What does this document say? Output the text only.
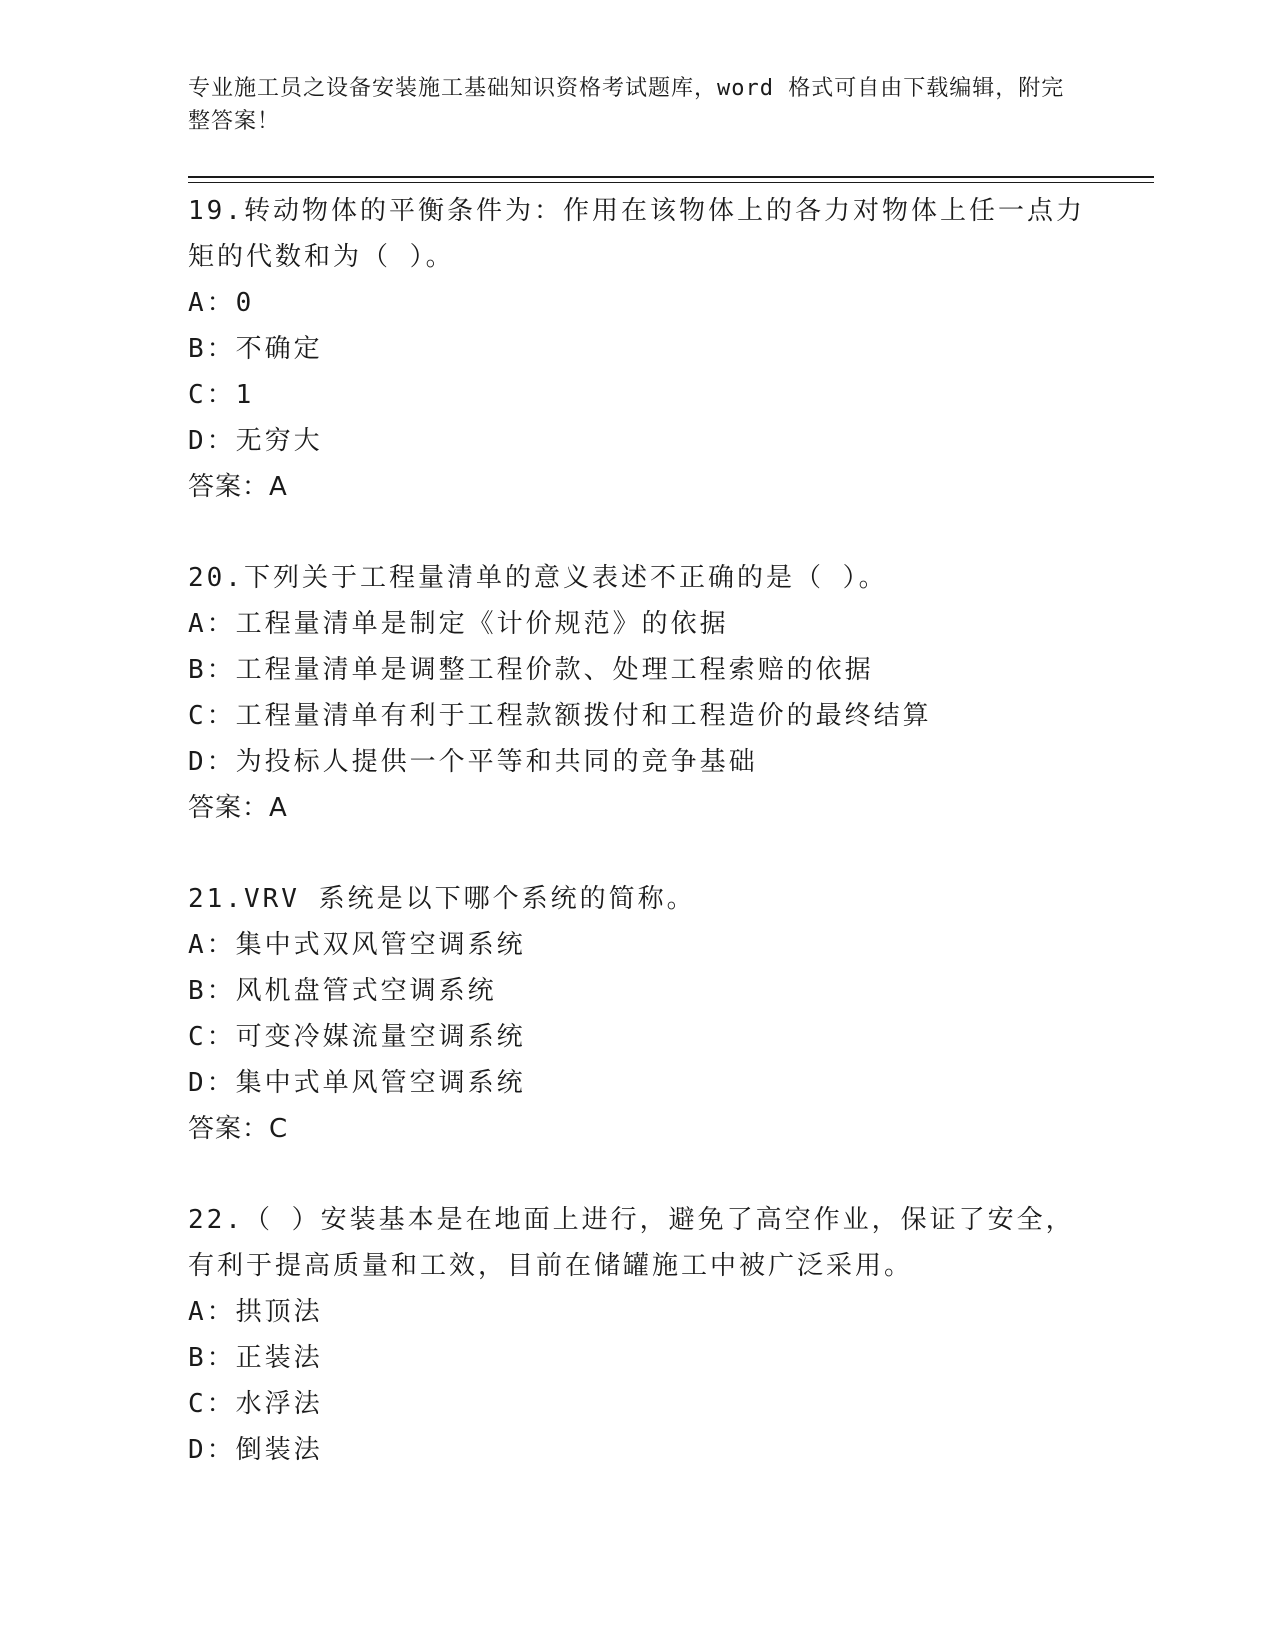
专业施工员之设备安装施工基础知识资格考试题库，word 格式可自由下载编辑，附完整答案！
19.转动物体的平衡条件为：作用在该物体上的各力对物体上任一点力矩的代数和为（ ）。
A：0
B：不确定
C：1
D：无穷大
答案：A
20.下列关于工程量清单的意义表述不正确的是（ ）。
A：工程量清单是制定《计价规范》的依据
B：工程量清单是调整工程价款、处理工程索赔的依据
C：工程量清单有利于工程款额拨付和工程造价的最终结算
D：为投标人提供一个平等和共同的竞争基础
答案：A
21.VRV 系统是以下哪个系统的简称。
A：集中式双风管空调系统
B：风机盘管式空调系统
C：可变冷媒流量空调系统
D：集中式单风管空调系统
答案：C
22.（ ）安装基本是在地面上进行，避免了高空作业，保证了安全，有利于提高质量和工效，目前在储罐施工中被广泛采用。
A：拱顶法
B：正装法
C：水浮法
D：倒装法
